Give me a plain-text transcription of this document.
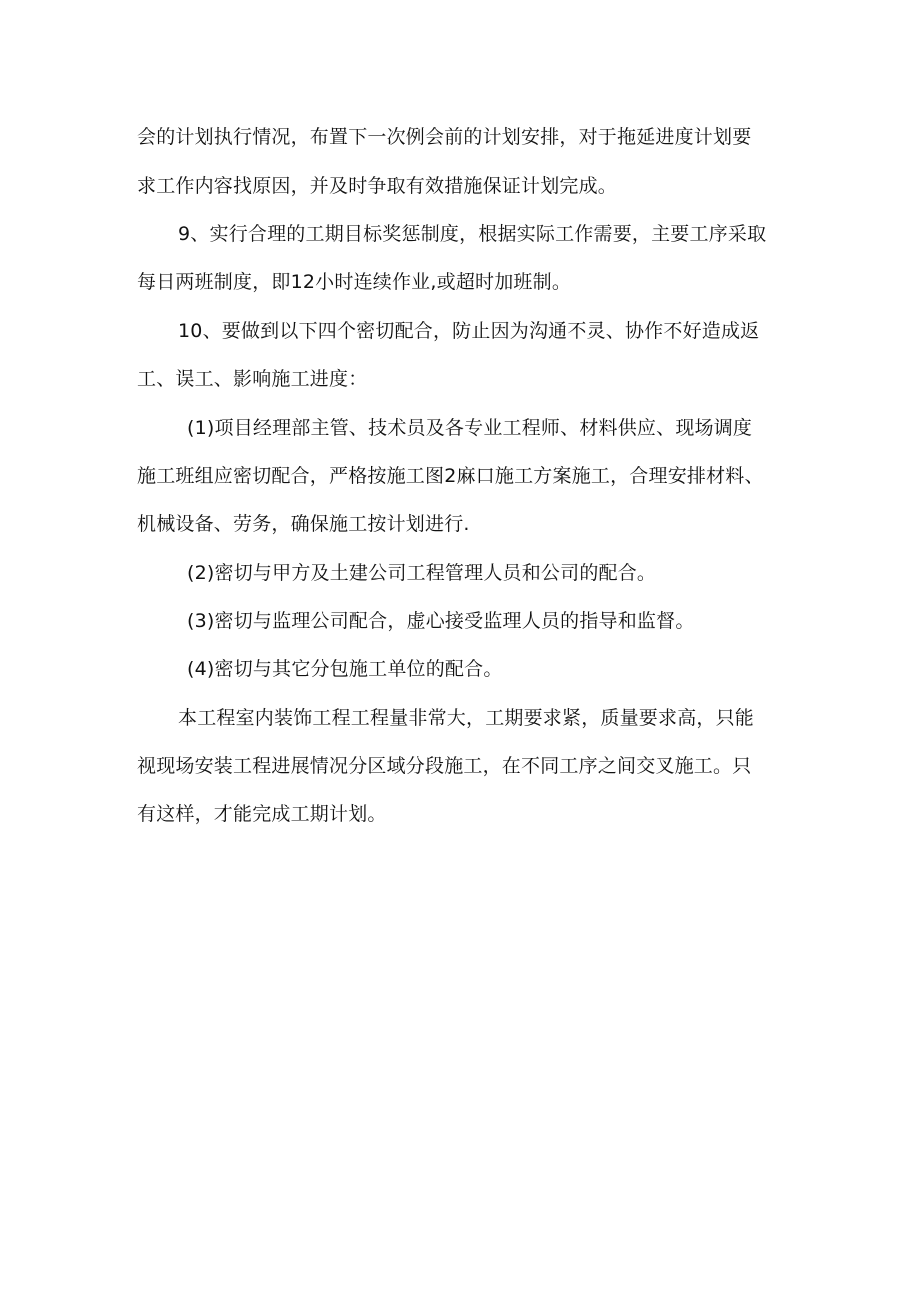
会的计划执行情况，布置下一次例会前的计划安排，对于拖延进度计划要
求工作内容找原因，并及时争取有效措施保证计划完成。
9、实行合理的工期目标奖惩制度，根据实际工作需要，主要工序采取
每日两班制度，即12小时连续作业,或超时加班制。
10、要做到以下四个密切配合，防止因为沟通不灵、协作不好造成返
工、误工、影响施工进度：
(1)项目经理部主管、技术员及各专业工程师、材料供应、现场调度
施工班组应密切配合，严格按施工图2麻口施工方案施工，合理安排材料、
机械设备、劳务，确保施工按计划进行.
(2)密切与甲方及土建公司工程管理人员和公司的配合。
(3)密切与监理公司配合，虚心接受监理人员的指导和监督。
(4)密切与其它分包施工单位的配合。
本工程室内装饰工程工程量非常大，工期要求紧，质量要求高，只能
视现场安装工程进展情况分区域分段施工，在不同工序之间交叉施工。只
有这样，才能完成工期计划。
